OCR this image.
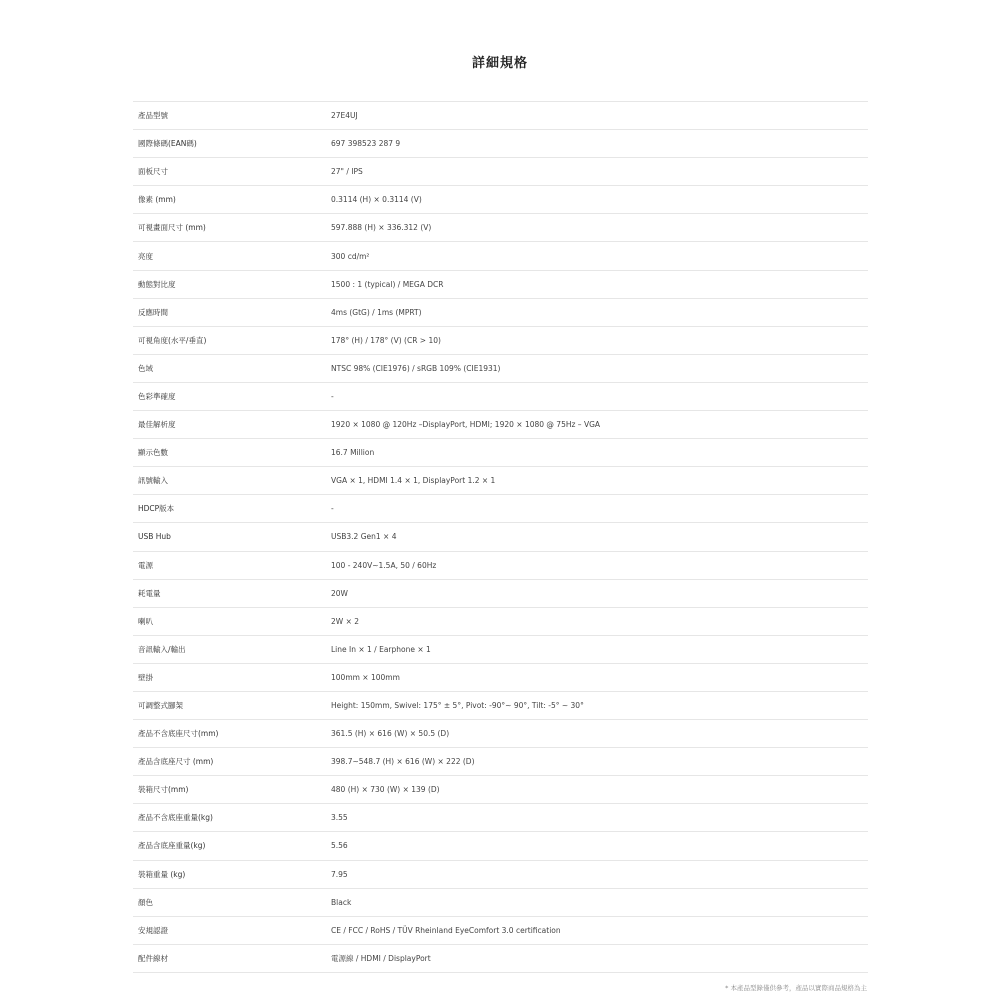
詳細規格
產品型號	27E4UJ
國際條碼(EAN碼)	697 398523 287 9
面板尺寸	27" / IPS
像素 (mm)	0.3114 (H) × 0.3114 (V)
可視畫面尺寸 (mm)	597.888 (H) × 336.312 (V)
亮度	300 cd/m²
動態對比度	1500 : 1 (typical) / MEGA DCR
反應時間	4ms (GtG) / 1ms (MPRT)
可視角度(水平/垂直)	178° (H) / 178° (V) (CR > 10)
色域	NTSC 98% (CIE1976) / sRGB 109% (CIE1931)
色彩準確度	-
最佳解析度	1920 × 1080 @ 120Hz –DisplayPort, HDMI; 1920 × 1080 @ 75Hz – VGA
顯示色數	16.7 Million
訊號輸入	VGA × 1, HDMI 1.4 × 1, DisplayPort 1.2 × 1
HDCP版本	-
USB Hub	USB3.2 Gen1 × 4
電源	100 - 240V~1.5A, 50 / 60Hz
耗電量	20W
喇叭	2W × 2
音訊輸入/輸出	Line In × 1 / Earphone × 1
壁掛	100mm × 100mm
可調整式腳架	Height: 150mm, Swivel: 175° ± 5°, Pivot: -90°~ 90°, Tilt: -5° ~ 30°
產品不含底座尺寸(mm)	361.5 (H) × 616 (W) × 50.5 (D)
產品含底座尺寸 (mm)	398.7~548.7 (H) × 616 (W) × 222 (D)
裝箱尺寸(mm)	480 (H) × 730 (W) × 139 (D)
產品不含底座重量(kg)	3.55
產品含底座重量(kg)	5.56
裝箱重量 (kg)	7.95
顏色	Black
安規認證	CE / FCC / RoHS / TÜV Rheinland EyeComfort 3.0 certification
配件線材	電源線 / HDMI / DisplayPort
* 本產品型錄僅供參考，產品以實際商品規格為主
